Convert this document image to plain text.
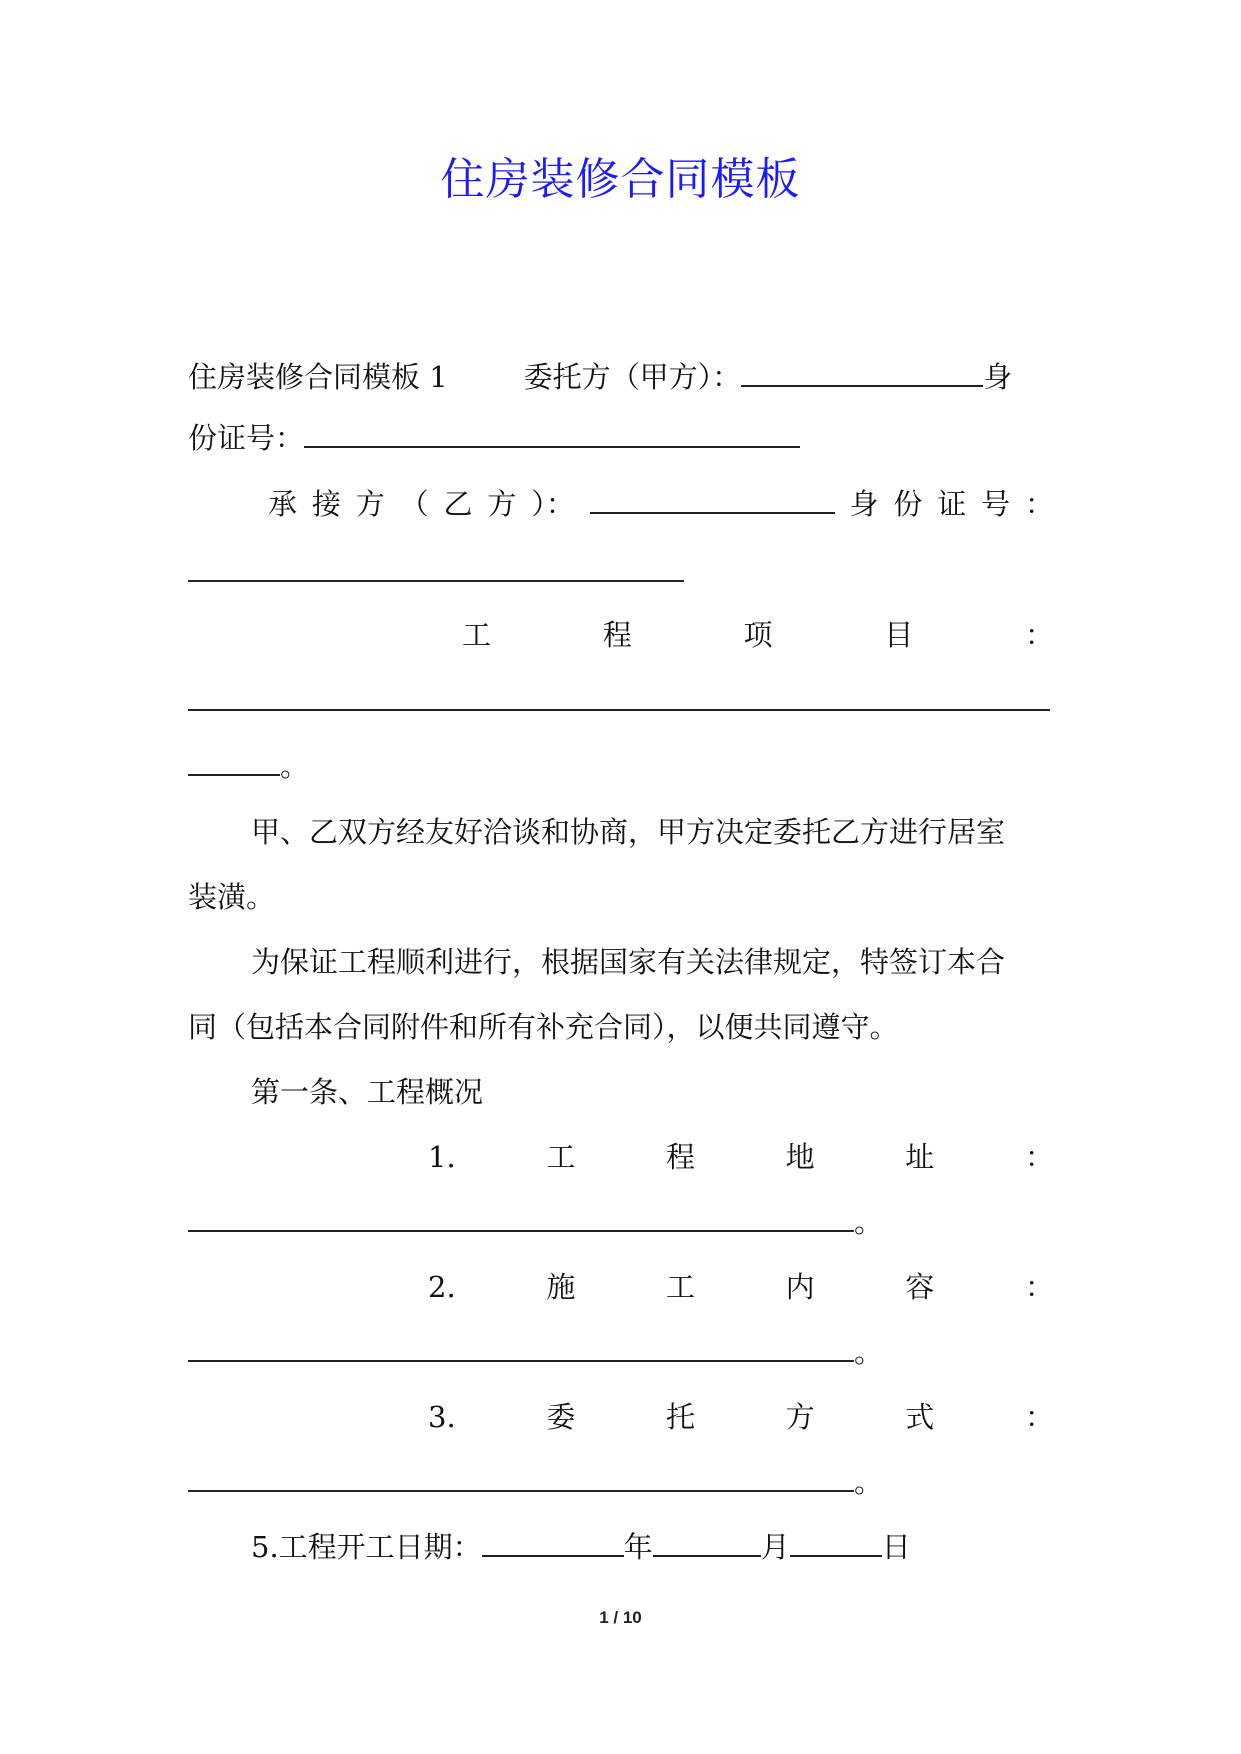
住房装修合同模板
住房装修合同模板 1	委托方（甲方）：	身
份证号：
承 接 方 （ 乙 方 ）：	身 份 证 号 ：
工	程	项	目	：
。
甲、乙双方经友好洽谈和协商，甲方决定委托乙方进行居室
装潢。
为保证工程顺利进行，根据国家有关法律规定，特签订本合
同（包括本合同附件和所有补充合同），以便共同遵守。
第一条、工程概况
1.	工	程	地	址	：
。
2.	施	工	内	容	：
。
3.	委	托	方	式	：
。
5.工程开工日期：	年	月	日
1 / 10
